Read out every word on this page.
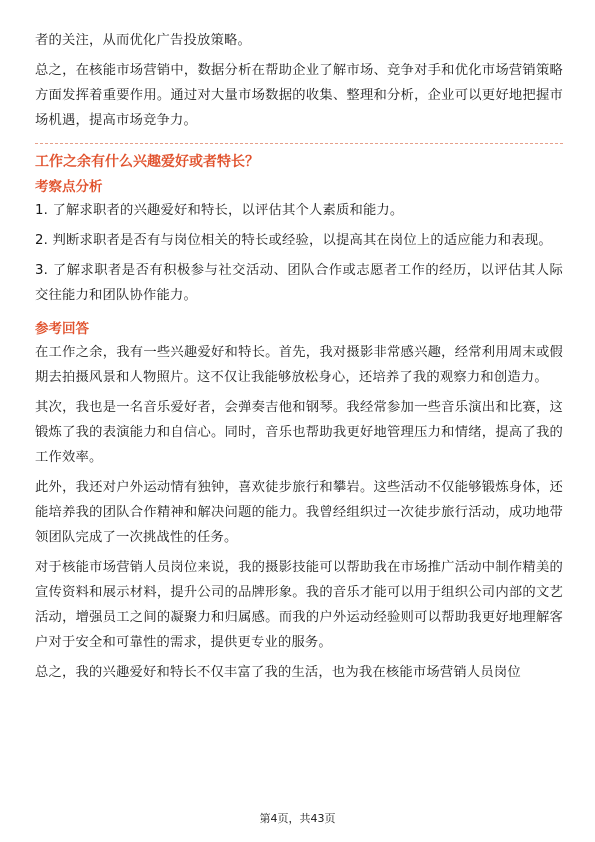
者的关注，从而优化广告投放策略。

总之，在核能市场营销中，数据分析在帮助企业了解市场、竞争对手和优化市场营销策略方面发挥着重要作用。通过对大量市场数据的收集、整理和分析，企业可以更好地把握市场机遇，提高市场竞争力。

工作之余有什么兴趣爱好或者特长？
考察点分析

1. 了解求职者的兴趣爱好和特长，以评估其个人素质和能力。

2. 判断求职者是否有与岗位相关的特长或经验，以提高其在岗位上的适应能力和表现。

3. 了解求职者是否有积极参与社交活动、团队合作或志愿者工作的经历，以评估其人际交往能力和团队协作能力。

参考回答

在工作之余，我有一些兴趣爱好和特长。首先，我对摄影非常感兴趣，经常利用周末或假期去拍摄风景和人物照片。这不仅让我能够放松身心，还培养了我的观察力和创造力。

其次，我也是一名音乐爱好者，会弹奏吉他和钢琴。我经常参加一些音乐演出和比赛，这锻炼了我的表演能力和自信心。同时，音乐也帮助我更好地管理压力和情绪，提高了我的工作效率。

此外，我还对户外运动情有独钟，喜欢徒步旅行和攀岩。这些活动不仅能够锻炼身体，还能培养我的团队合作精神和解决问题的能力。我曾经组织过一次徒步旅行活动，成功地带领团队完成了一次挑战性的任务。

对于核能市场营销人员岗位来说，我的摄影技能可以帮助我在市场推广活动中制作精美的宣传资料和展示材料，提升公司的品牌形象。我的音乐才能可以用于组织公司内部的文艺活动，增强员工之间的凝聚力和归属感。而我的户外运动经验则可以帮助我更好地理解客户对于安全和可靠性的需求，提供更专业的服务。

总之，我的兴趣爱好和特长不仅丰富了我的生活，也为我在核能市场营销人员岗位

第4页，共43页
